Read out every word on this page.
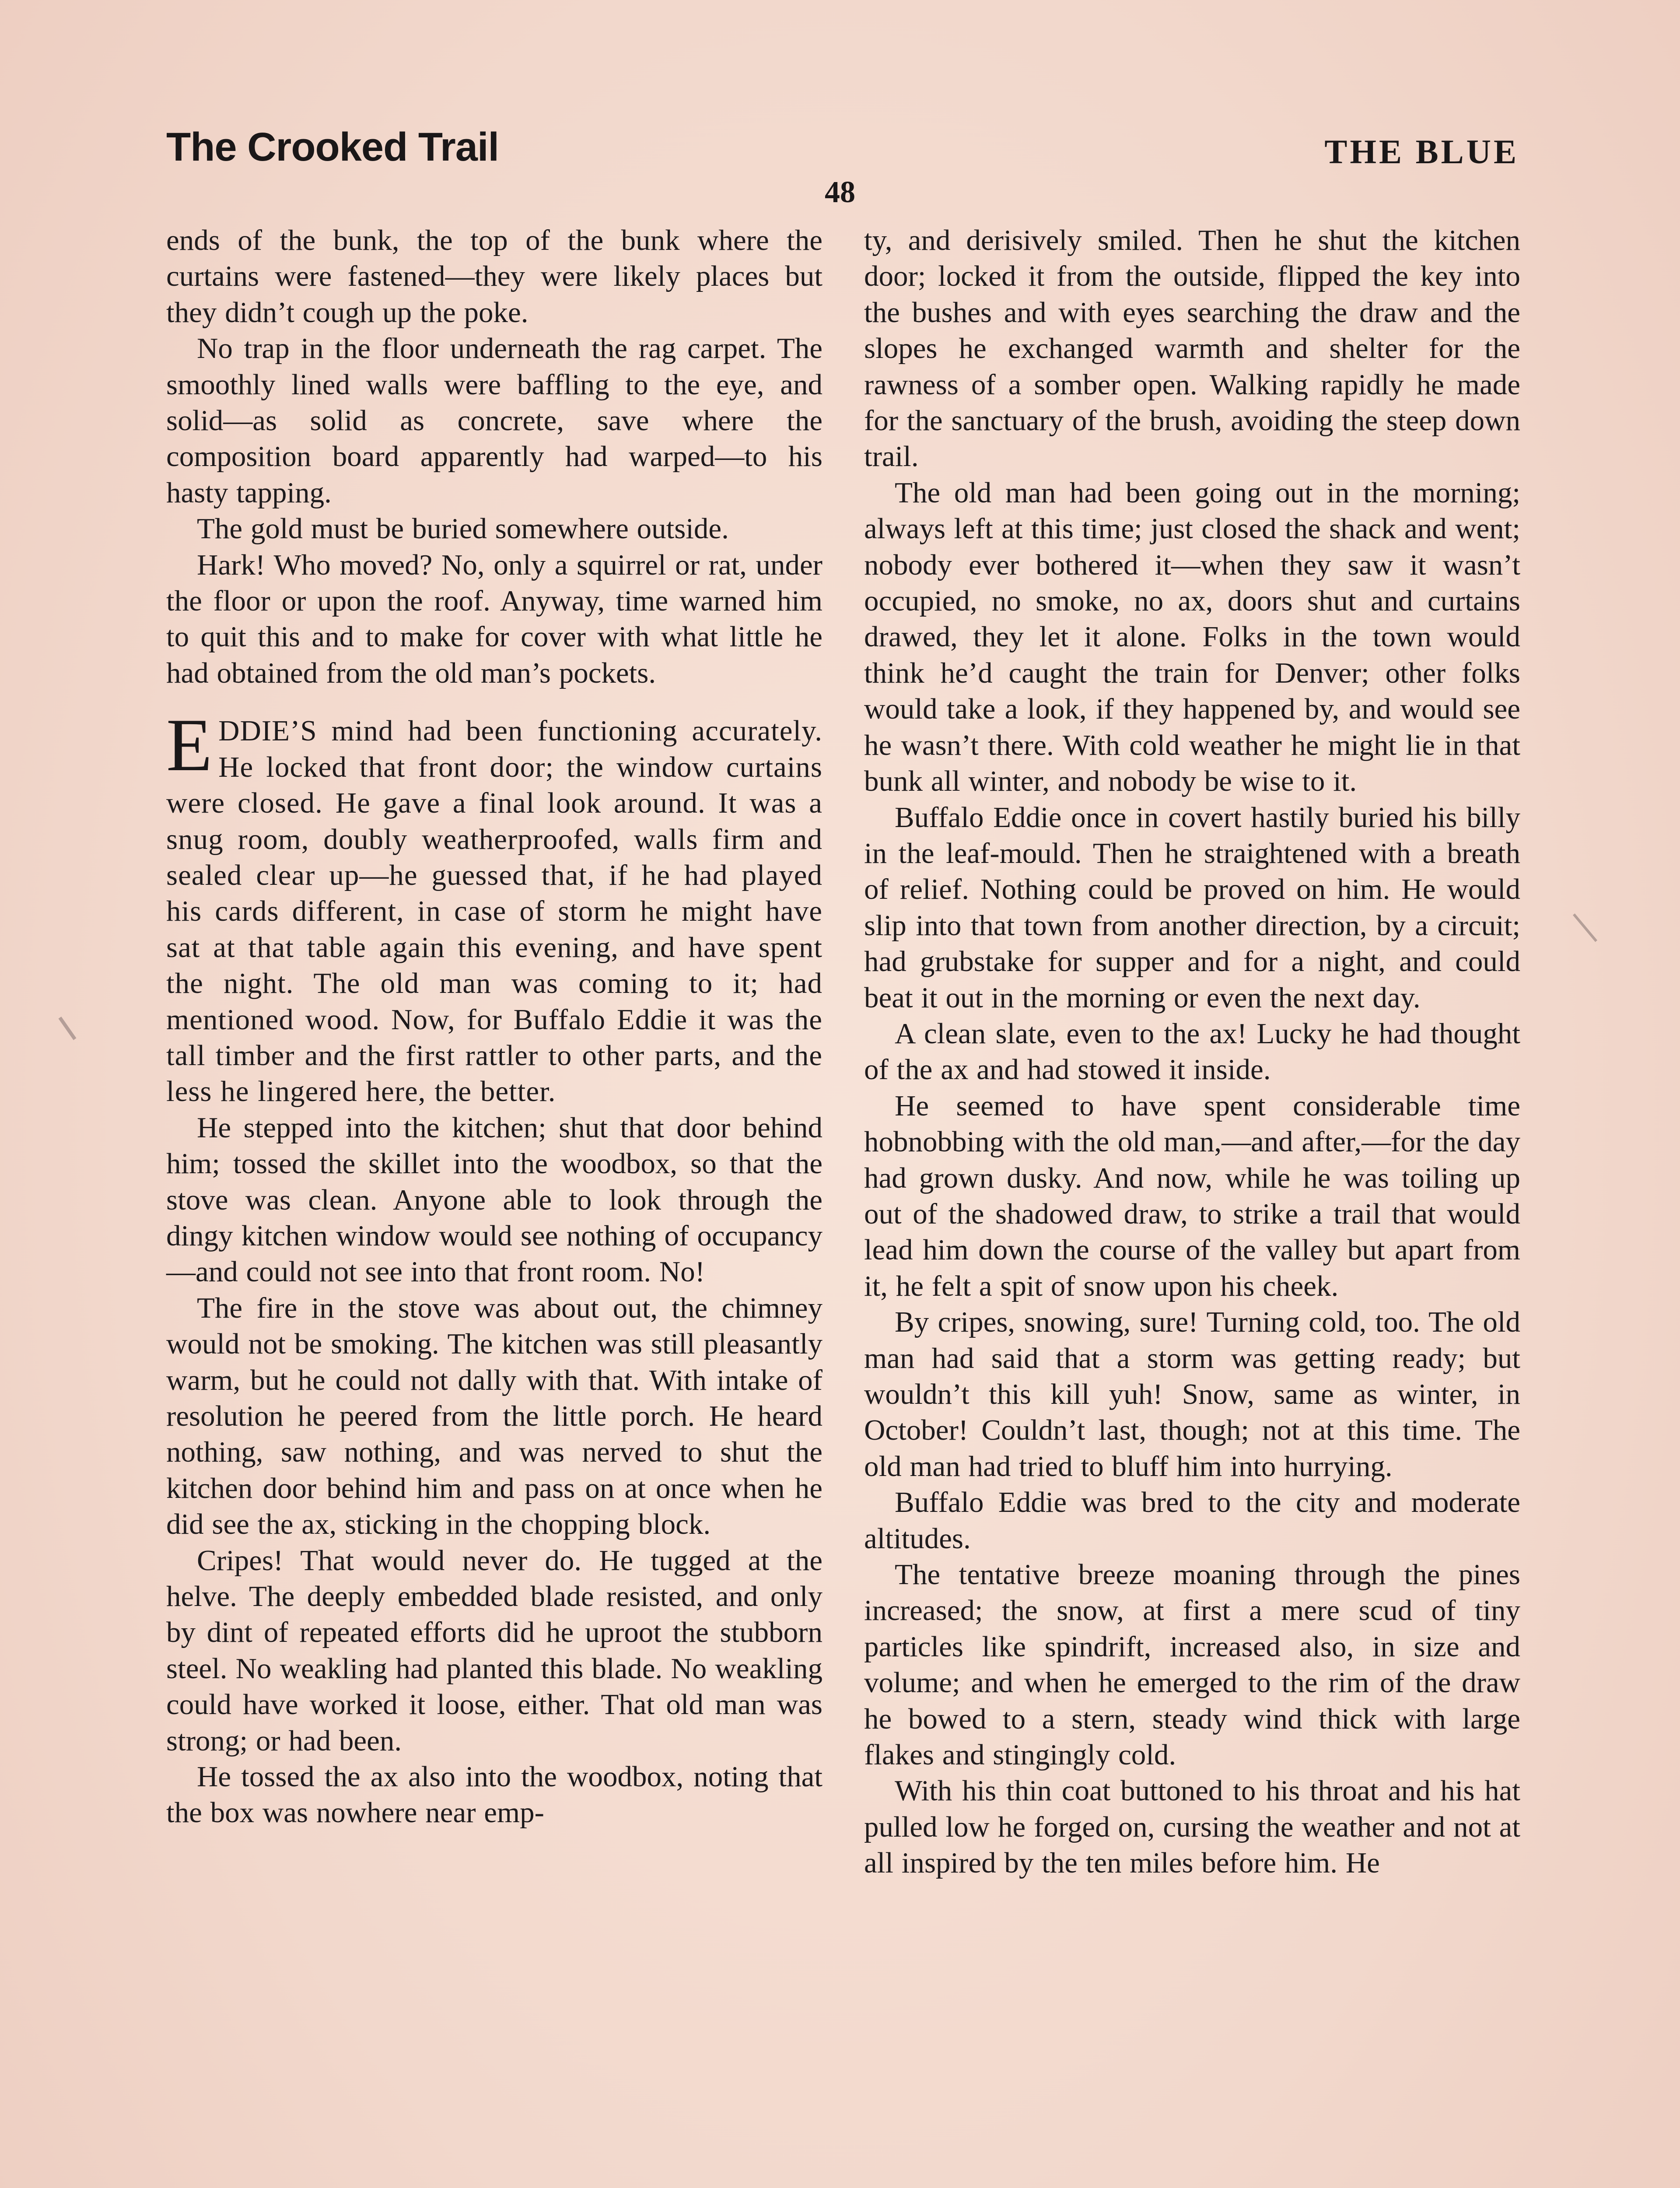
The Crooked Trail	THE BLUE
48

ends of the bunk, the top of the bunk where the curtains were fastened—they were likely places but they didn’t cough up the poke.

No trap in the floor underneath the rag carpet. The smoothly lined walls were baffling to the eye, and solid—as solid as concrete, save where the composition board apparently had warped—to his hasty tapping.

The gold must be buried somewhere outside.

Hark! Who moved? No, only a squirrel or rat, under the floor or upon the roof. Anyway, time warned him to quit this and to make for cover with what little he had obtained from the old man’s pockets.

EDDIE’S mind had been functioning accurately. He locked that front door; the window curtains were closed. He gave a final look around. It was a snug room, doubly weatherproofed, walls firm and sealed clear up—he guessed that, if he had played his cards different, in case of storm he might have sat at that table again this evening, and have spent the night. The old man was coming to it; had mentioned wood. Now, for Buffalo Eddie it was the tall timber and the first rattler to other parts, and the less he lingered here, the better.

He stepped into the kitchen; shut that door behind him; tossed the skillet into the woodbox, so that the stove was clean. Anyone able to look through the dingy kitchen window would see nothing of occupancy—and could not see into that front room. No!

The fire in the stove was about out, the chimney would not be smoking. The kitchen was still pleasantly warm, but he could not dally with that. With intake of resolution he peered from the little porch. He heard nothing, saw nothing, and was nerved to shut the kitchen door behind him and pass on at once when he did see the ax, sticking in the chopping block.

Cripes! That would never do. He tugged at the helve. The deeply embedded blade resisted, and only by dint of repeated efforts did he uproot the stubborn steel. No weakling had planted this blade. No weakling could have worked it loose, either. That old man was strong; or had been.

He tossed the ax also into the woodbox, noting that the box was nowhere near emp-

ty, and derisively smiled. Then he shut the kitchen door; locked it from the outside, flipped the key into the bushes and with eyes searching the draw and the slopes he exchanged warmth and shelter for the rawness of a somber open. Walking rapidly he made for the sanctuary of the brush, avoiding the steep down trail.

The old man had been going out in the morning; always left at this time; just closed the shack and went; nobody ever bothered it—when they saw it wasn’t occupied, no smoke, no ax, doors shut and curtains drawed, they let it alone. Folks in the town would think he’d caught the train for Denver; other folks would take a look, if they happened by, and would see he wasn’t there. With cold weather he might lie in that bunk all winter, and nobody be wise to it.

Buffalo Eddie once in covert hastily buried his billy in the leaf-mould. Then he straightened with a breath of relief. Nothing could be proved on him. He would slip into that town from another direction, by a circuit; had grubstake for supper and for a night, and could beat it out in the morning or even the next day.

A clean slate, even to the ax! Lucky he had thought of the ax and had stowed it inside.

He seemed to have spent considerable time hobnobbing with the old man,—and after,—for the day had grown dusky. And now, while he was toiling up out of the shadowed draw, to strike a trail that would lead him down the course of the valley but apart from it, he felt a spit of snow upon his cheek.

By cripes, snowing, sure! Turning cold, too. The old man had said that a storm was getting ready; but wouldn’t this kill yuh! Snow, same as winter, in October! Couldn’t last, though; not at this time. The old man had tried to bluff him into hurrying.

Buffalo Eddie was bred to the city and moderate altitudes.

The tentative breeze moaning through the pines increased; the snow, at first a mere scud of tiny particles like spindrift, increased also, in size and volume; and when he emerged to the rim of the draw he bowed to a stern, steady wind thick with large flakes and stingingly cold.

With his thin coat buttoned to his throat and his hat pulled low he forged on, cursing the weather and not at all inspired by the ten miles before him. He
